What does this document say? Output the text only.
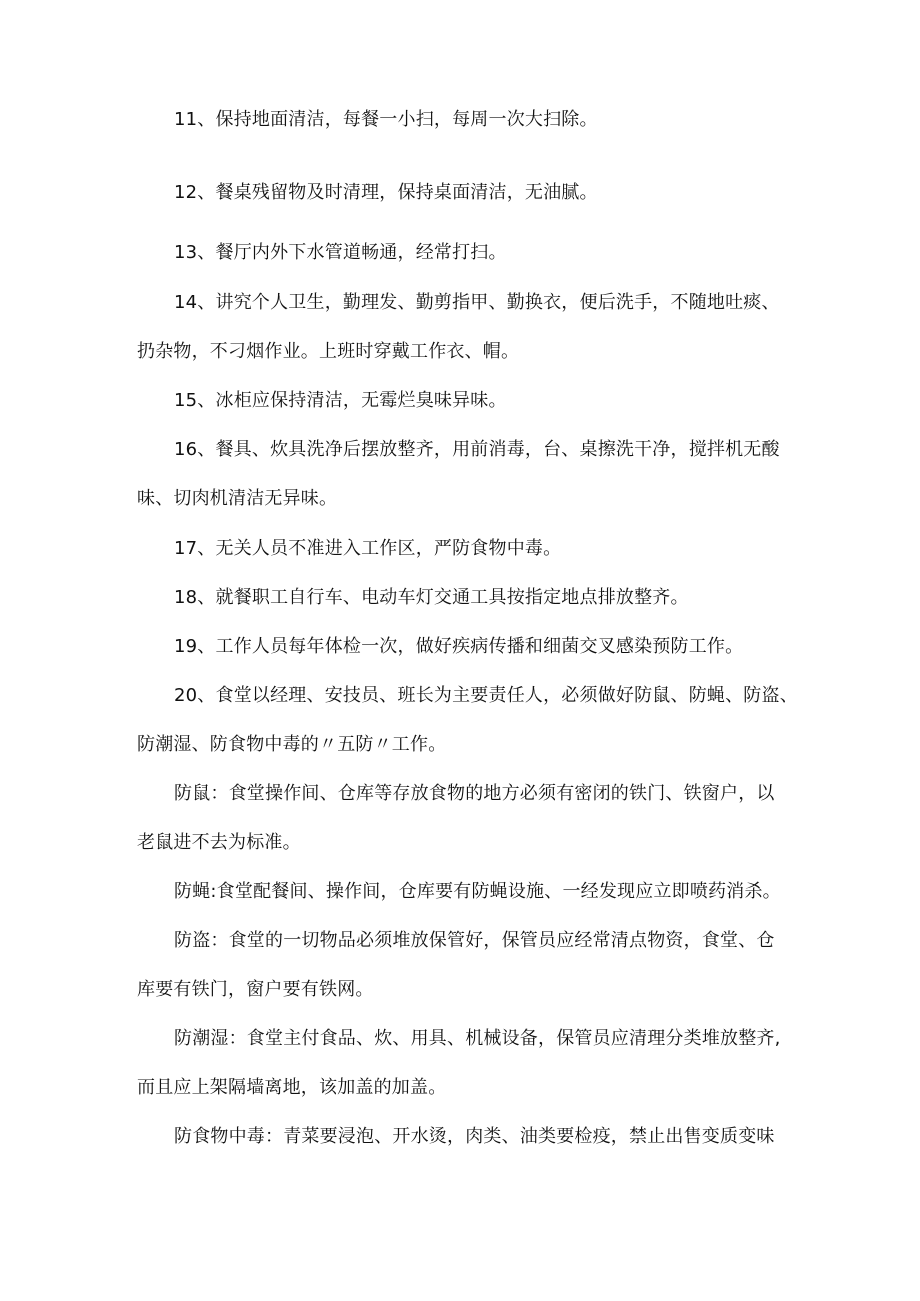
11、保持地面清洁，每餐一小扫，每周一次大扫除。
12、餐桌残留物及时清理，保持桌面清洁，无油腻。
13、餐厅内外下水管道畅通，经常打扫。
14、讲究个人卫生，勤理发、勤剪指甲、勤换衣，便后洗手，不随地吐痰、
扔杂物，不刁烟作业。上班时穿戴工作衣、帽。
15、冰柜应保持清洁，无霉烂臭味异味。
16、餐具、炊具洗净后摆放整齐，用前消毒，台、桌擦洗干净，搅拌机无酸
味、切肉机清洁无异味。
17、无关人员不准进入工作区，严防食物中毒。
18、就餐职工自行车、电动车灯交通工具按指定地点排放整齐。
19、工作人员每年体检一次，做好疾病传播和细菌交叉感染预防工作。
20、食堂以经理、安技员、班长为主要责任人，必须做好防鼠、防蝇、防盗、
防潮湿、防食物中毒的〃五防〃工作。
防鼠：食堂操作间、仓库等存放食物的地方必须有密闭的铁门、铁窗户，以
老鼠进不去为标准。
防蝇:食堂配餐间、操作间，仓库要有防蝇设施、一经发现应立即喷药消杀。
防盗：食堂的一切物品必须堆放保管好，保管员应经常清点物资，食堂、仓
库要有铁门，窗户要有铁网。
防潮湿：食堂主付食品、炊、用具、机械设备，保管员应清理分类堆放整齐,
而且应上架隔墙离地，该加盖的加盖。
防食物中毒：青菜要浸泡、开水烫，肉类、油类要检疫，禁止出售变质变味
